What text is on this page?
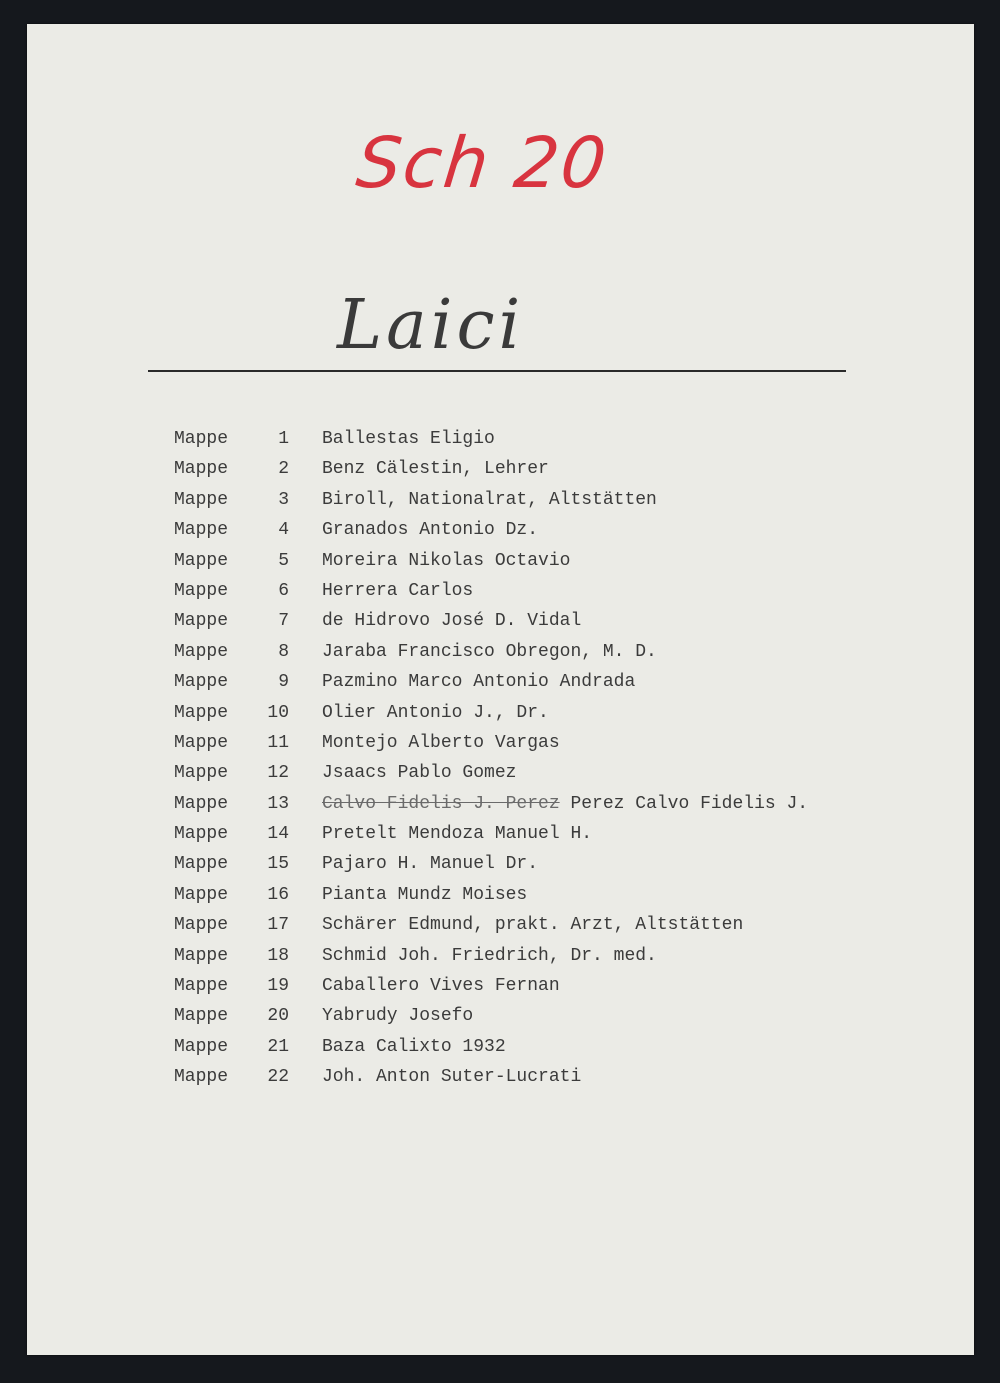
Sch 20
Laici
Mappe	1 Ballestas Eligio
Mappe	2 Benz Cälestin, Lehrer
Mappe	3 Biroll, Nationalrat, Altstätten
Mappe	4 Granados Antonio Dz.
Mappe	5 Moreira Nikolas Octavio
Mappe	6 Herrera Carlos
Mappe	7 de Hidrovo José D. Vidal
Mappe	8 Jaraba Francisco Obregon, M. D.
Mappe	9 Pazmino Marco Antonio Andrada
Mappe 10 Olier Antonio J., Dr.
Mappe 11 Montejo Alberto Vargas
Mappe 12 Jsaacs Pablo Gomez
Mappe 13 Calvo Fidelis J. Perez Perez Calvo Fidelis J.
Mappe 14 Pretelt Mendoza Manuel H.
Mappe 15 Pajaro H. Manuel Dr.
Mappe 16 Pianta Mundz Moises
Mappe 17 Schärer Edmund, prakt. Arzt, Altstätten
Mappe 18 Schmid Joh. Friedrich, Dr. med.
Mappe 19 Caballero Vives Fernan
Mappe 20 Yabrudy Josefo
Mappe 21 Baza Calixto 1932
Mappe 22 Joh. Anton Suter-Lucrati
